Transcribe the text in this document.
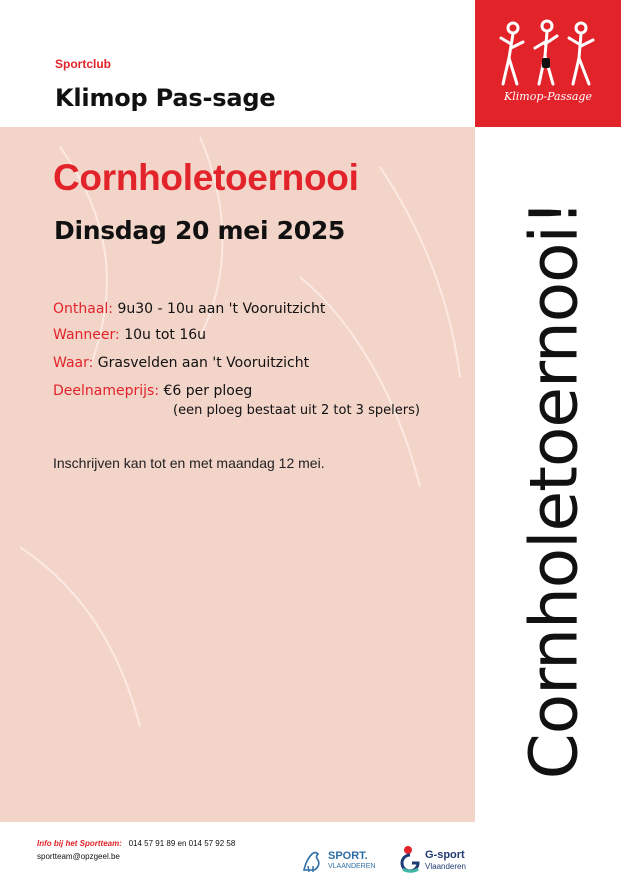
Sportclub
Klimop Pas-sage	Klimop-Passage
Cornholetoernooi!
Cornholetoernooi
Dinsdag 20 mei 2025
Onthaal: 9u30 - 10u aan 't Vooruitzicht
Wanneer: 10u tot 16u
Waar: Grasvelden aan 't Vooruitzicht
Deelnameprijs: €6 per ploeg
(een ploeg bestaat uit 2 tot 3 spelers)
Inschrijven kan tot en met maandag 12 mei.
Info bij het Sportteam: 014 57 91 89 en 014 57 92 58
sportteam@opzgeel.be	SPORT.
VLAANDEREN
G-sport
Vlaanderen
